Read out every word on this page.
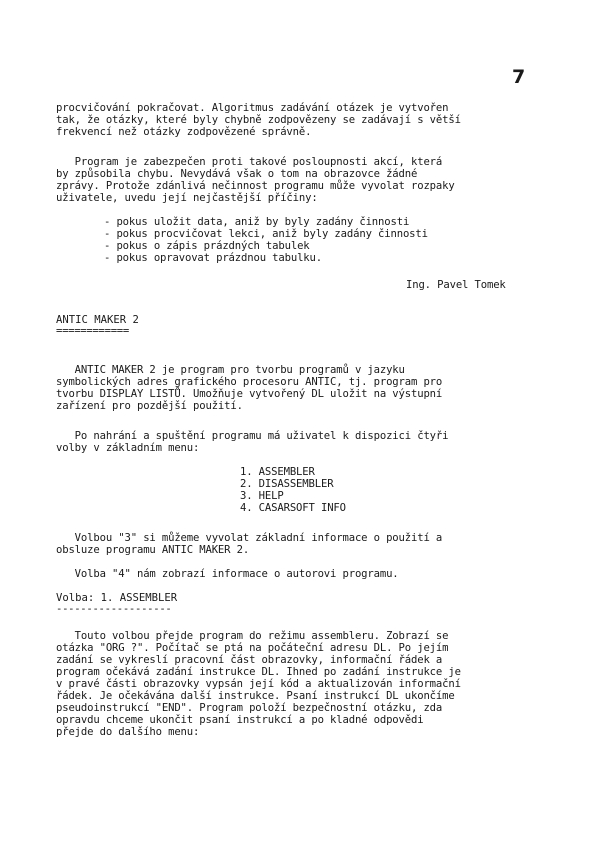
7
procvičování pokračovat. Algoritmus zadávání otázek je vytvořen
tak, že otázky, které byly chybně zodpovězeny se zadávají s větší
frekvencí než otázky zodpovězené správně.
Program je zabezpečen proti takové posloupnosti akcí, která
by způsobila chybu. Nevydává však o tom na obrazovce žádné
zprávy. Protože zdánlivá nečinnost programu může vyvolat rozpaky
uživatele, uvedu její nejčastější příčiny:
- pokus uložit data, aniž by byly zadány činnosti
- pokus procvičovat lekci, aniž byly zadány činnosti
- pokus o zápis prázdných tabulek
- pokus opravovat prázdnou tabulku.
Ing. Pavel Tomek
ANTIC MAKER 2
============
ANTIC MAKER 2 je program pro tvorbu programů v jazyku
symbolických adres grafického procesoru ANTIC, tj. program pro
tvorbu DISPLAY LISTŮ. Umožňuje vytvořený DL uložit na výstupní
zařízení pro pozdější použití.
Po nahrání a spuštění programu má uživatel k dispozici čtyři
volby v základním menu:
1. ASSEMBLER
2. DISASSEMBLER
3. HELP
4. CASARSOFT INFO
Volbou "3" si můžeme vyvolat základní informace o použití a
obsluze programu ANTIC MAKER 2.
Volba "4" nám zobrazí informace o autorovi programu.
Volba: 1. ASSEMBLER
-------------------
Touto volbou přejde program do režimu assembleru. Zobrazí se
otázka "ORG ?". Počítač se ptá na počáteční adresu DL. Po jejím
zadání se vykreslí pracovní část obrazovky, informační řádek a
program očekává zadání instrukce DL. Ihned po zadání instrukce je
v pravé části obrazovky vypsán její kód a aktualizován informační
řádek. Je očekávána další instrukce. Psaní instrukcí DL ukončíme
pseudoinstrukcí "END". Program položí bezpečnostní otázku, zda
opravdu chceme ukončit psaní instrukcí a po kladné odpovědi
přejde do dalšího menu:
